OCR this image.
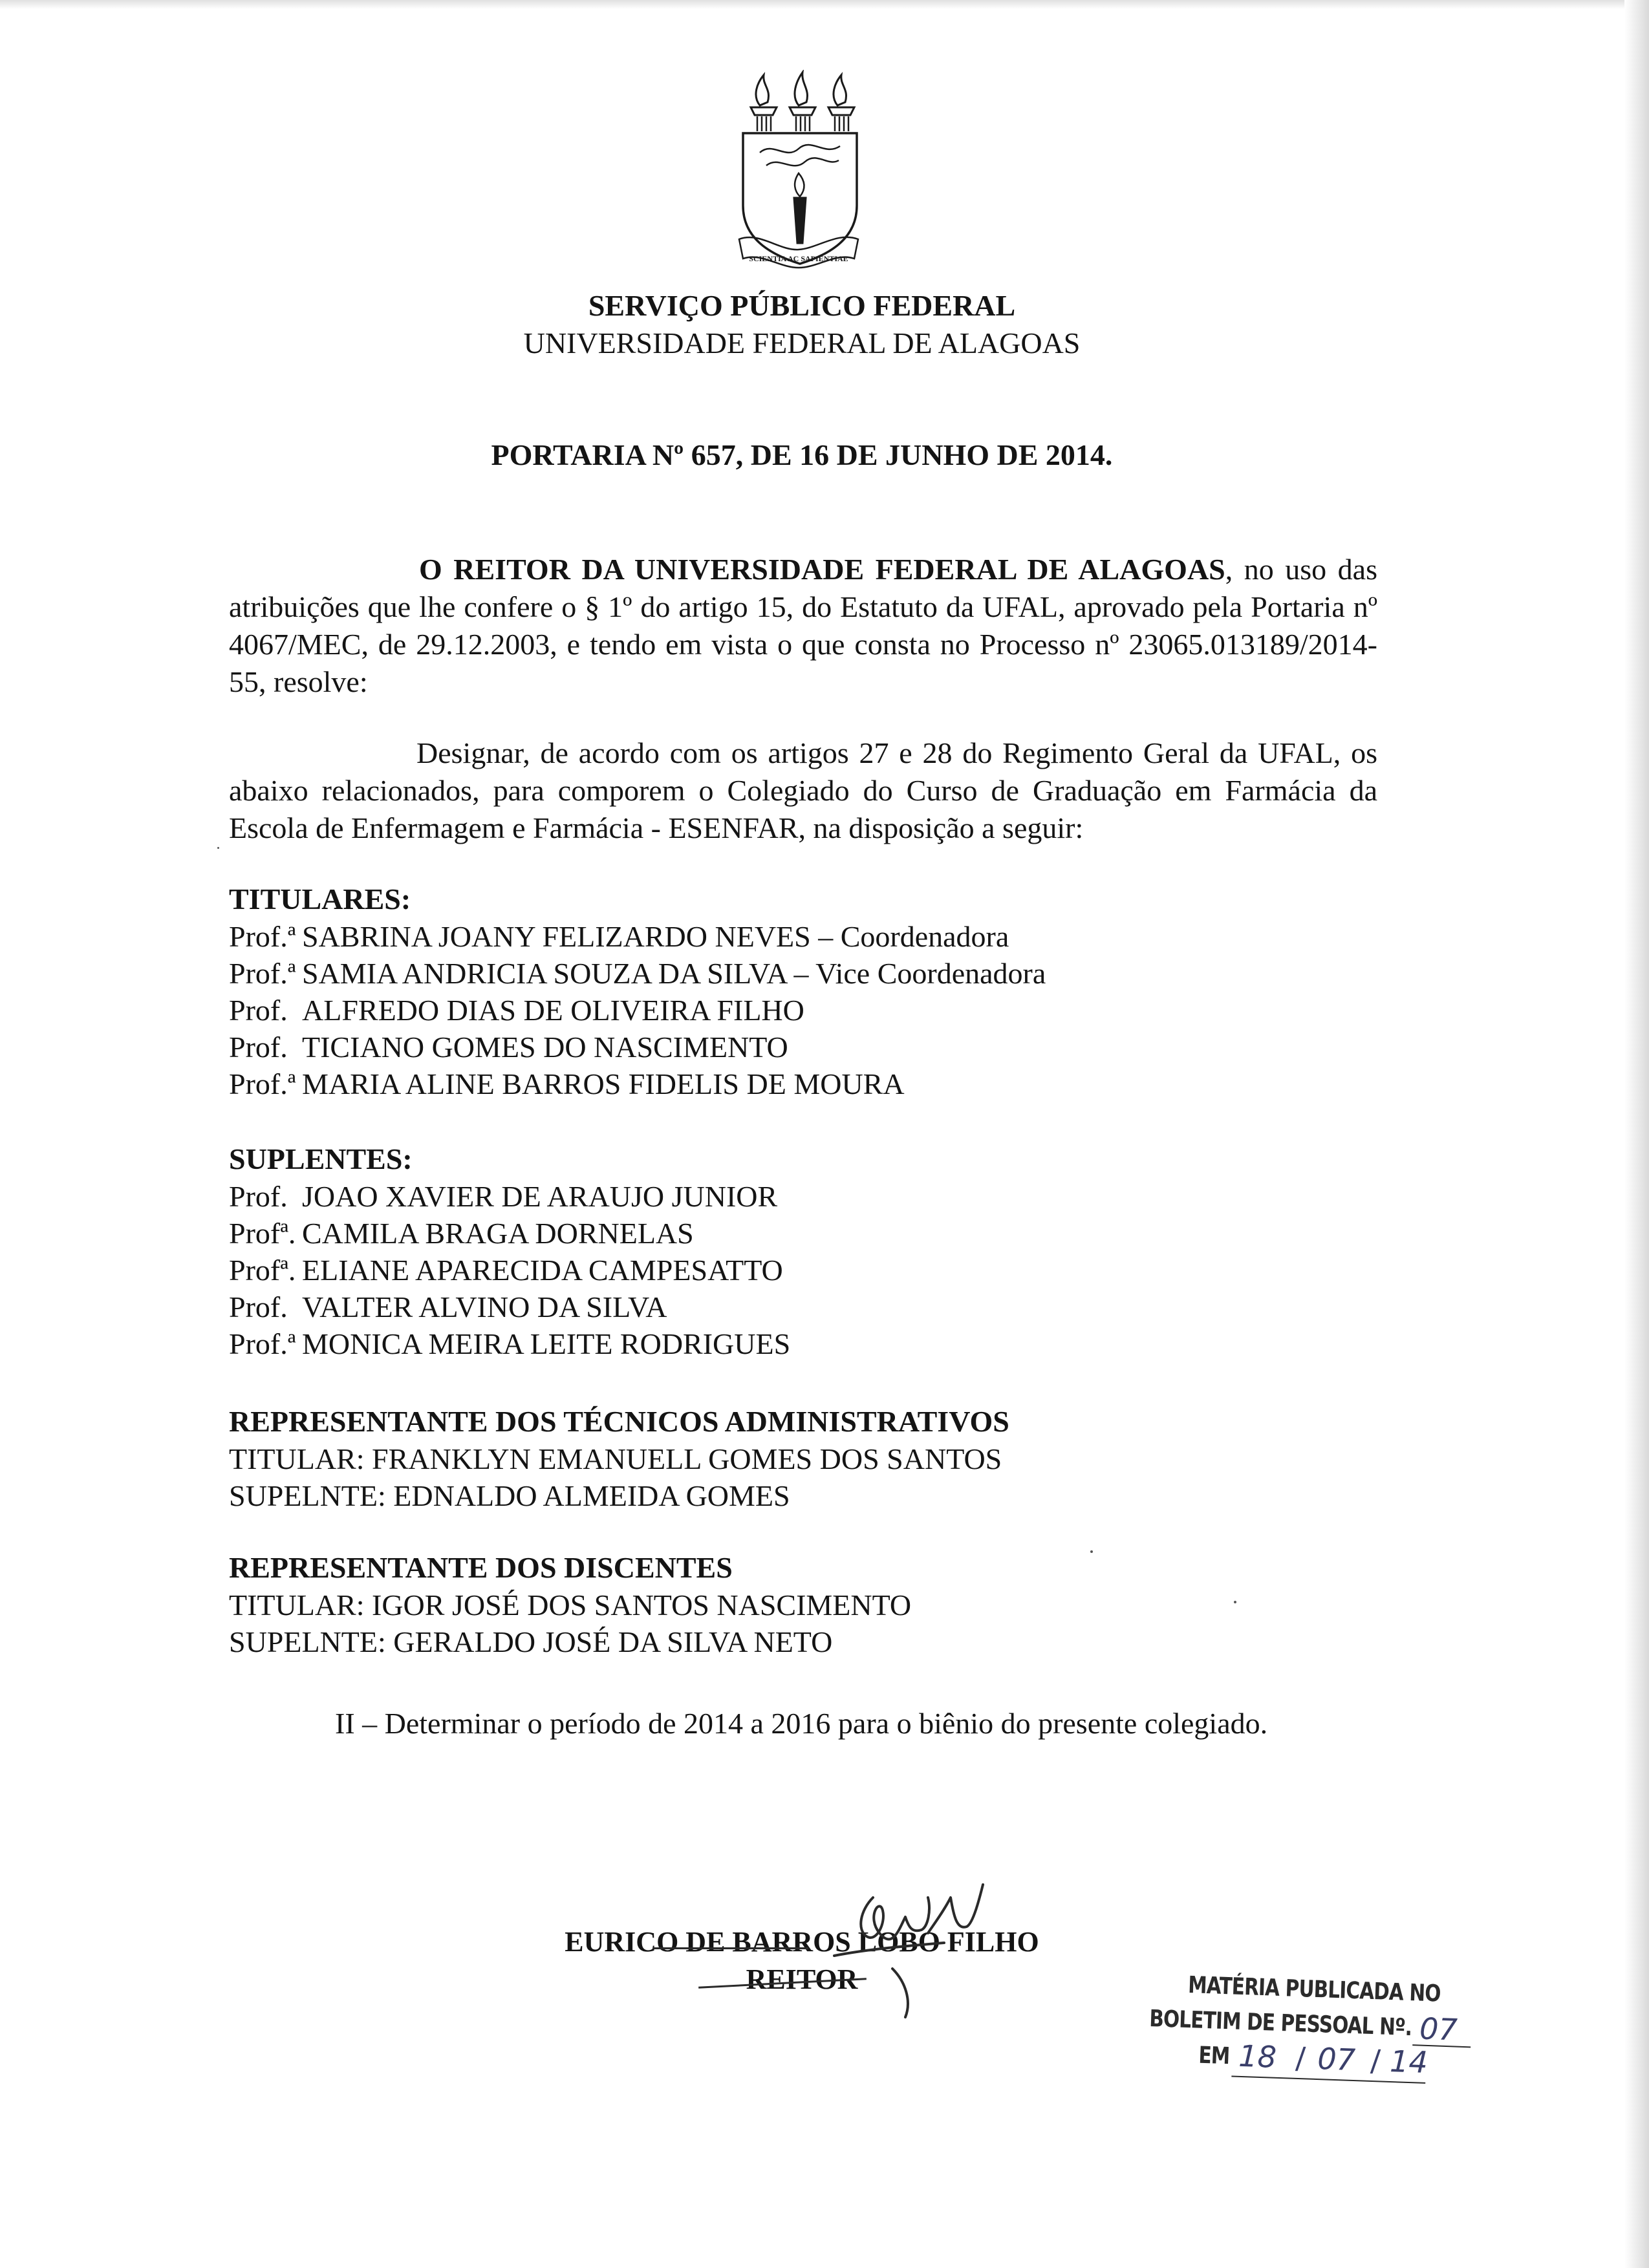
SCIENTIA AC SAPIENTIAE
SERVIÇO PÚBLICO FEDERAL
UNIVERSIDADE FEDERAL DE ALAGOAS
PORTARIA Nº 657, DE 16 DE JUNHO DE 2014.

O REITOR DA UNIVERSIDADE FEDERAL DE ALAGOAS, no uso das atribuições que lhe confere o § 1º do artigo 15, do Estatuto da UFAL, aprovado pela Portaria nº 4067/MEC, de 29.12.2003, e tendo em vista o que consta no Processo nº 23065.013189/2014-55, resolve:

Designar, de acordo com os artigos 27 e 28 do Regimento Geral da UFAL, os abaixo relacionados, para comporem o Colegiado do Curso de Graduação em Farmácia da Escola de Enfermagem e Farmácia - ESENFAR, na disposição a seguir:

TITULARES:

Prof.ª SABRINA JOANY FELIZARDO NEVES – Coordenadora

Prof.ª SAMIA ANDRICIA SOUZA DA SILVA – Vice Coordenadora

Prof. ALFREDO DIAS DE OLIVEIRA FILHO

Prof. TICIANO GOMES DO NASCIMENTO

Prof.ª MARIA ALINE BARROS FIDELIS DE MOURA

SUPLENTES:

Prof. JOAO XAVIER DE ARAUJO JUNIOR

Profª. CAMILA BRAGA DORNELAS

Profª. ELIANE APARECIDA CAMPESATTO

Prof. VALTER ALVINO DA SILVA

Prof.ª MONICA MEIRA LEITE RODRIGUES

REPRESENTANTE DOS TÉCNICOS ADMINISTRATIVOS

TITULAR: FRANKLYN EMANUELL GOMES DOS SANTOS

SUPELNTE: EDNALDO ALMEIDA GOMES

REPRESENTANTE DOS DISCENTES

TITULAR: IGOR JOSÉ DOS SANTOS NASCIMENTO

SUPELNTE: GERALDO JOSÉ DA SILVA NETO

II – Determinar o período de 2014 a 2016 para o biênio do presente colegiado.

EURICO DE BARROS LOBO FILHO
REITOR	MATÉRIA PUBLICADA NO
BOLETIM DE PESSOAL Nº.
EM
07
18 / 07 / 14
